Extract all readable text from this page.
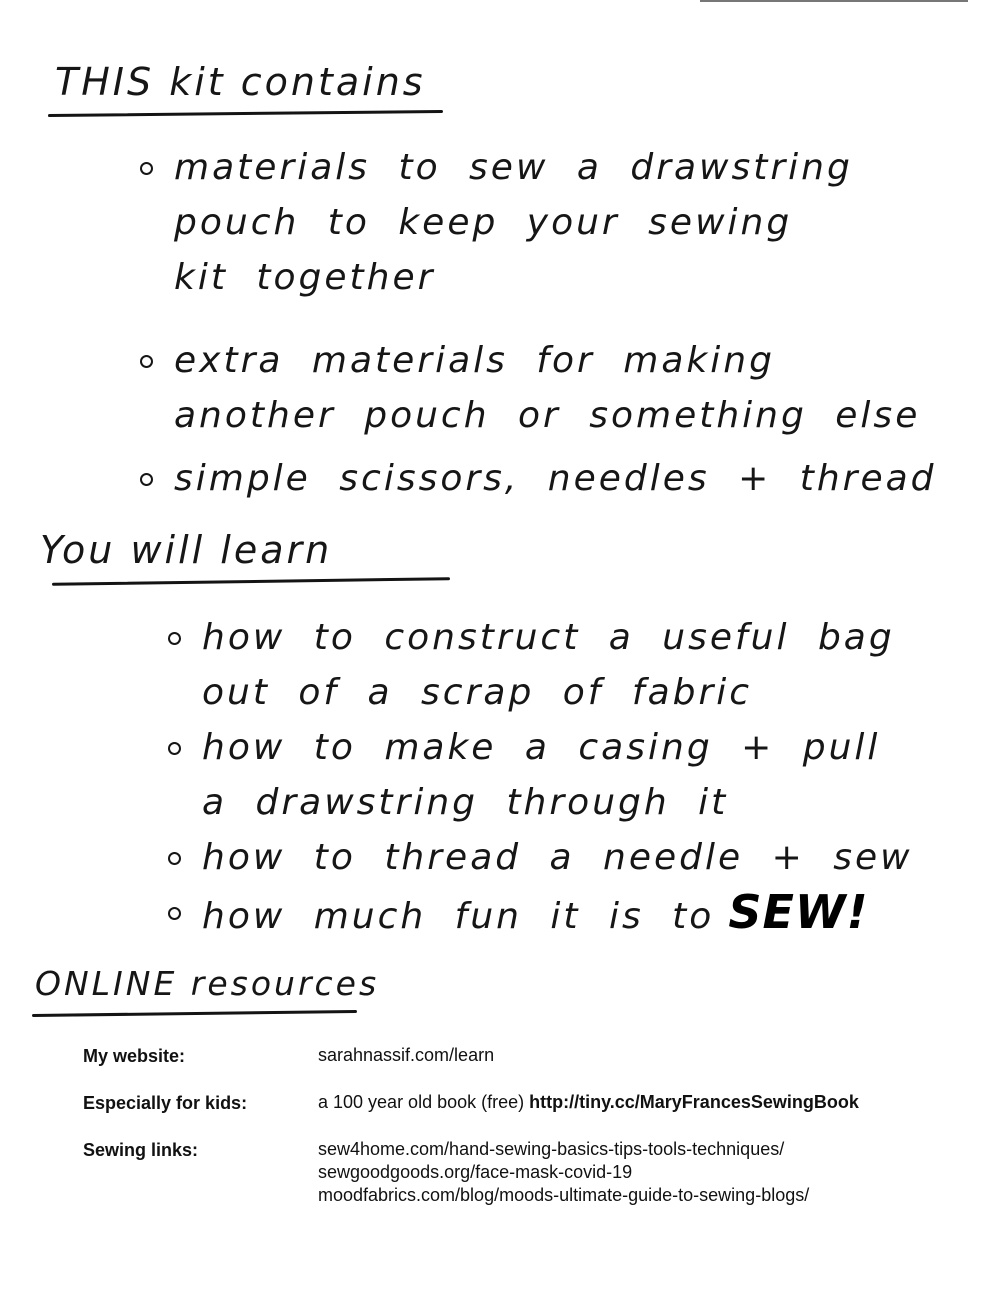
THIS kit contains
materials to sew a drawstring
pouch to keep your sewing
kit together
extra materials for making
another pouch or something else
simple scissors, needles + thread
You will learn
how to construct a useful bag
out of a scrap of fabric
how to make a casing + pull
a drawstring through it
how to thread a needle + sew
how much fun it is to SEW!
ONLINE resources
My website:	sarahnassif.com/learn
Especially for kids:	a 100 year old book (free) http://tiny.cc/MaryFrancesSewingBook
Sewing links:	sew4home.com/hand-sewing-basics-tips-tools-techniques/
sewgoodgoods.org/face-mask-covid-19
moodfabrics.com/blog/moods-ultimate-guide-to-sewing-blogs/
